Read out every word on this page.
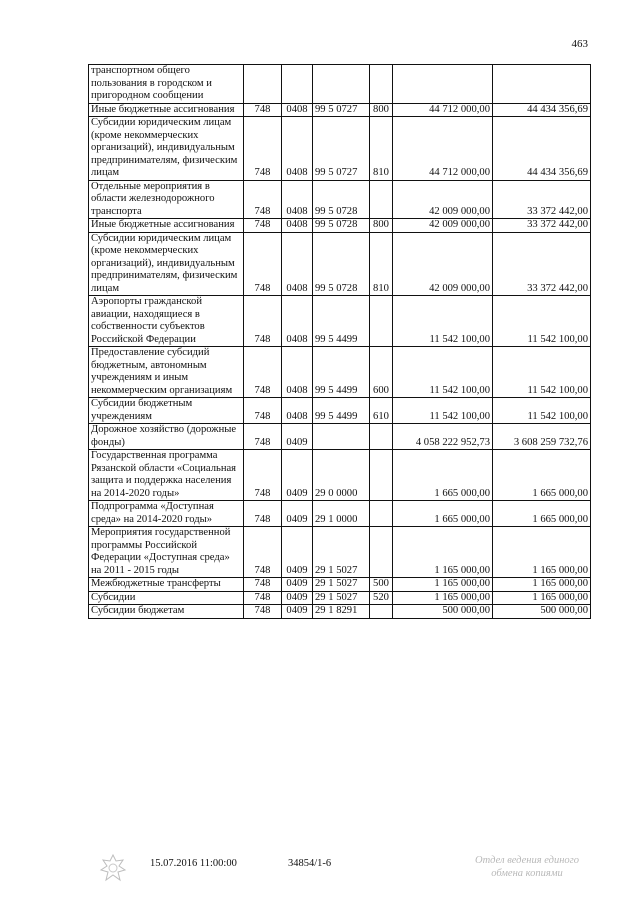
463
транспортном общего пользования в городском и пригородном сообщении						
Иные бюджетные ассигнования	748	0408	99 5 0727	800	44 712 000,00	44 434 356,69
Субсидии юридическим лицам (кроме некоммерческих организаций), индивидуальным предпринимателям, физическим лицам	748	0408	99 5 0727	810	44 712 000,00	44 434 356,69
Отдельные мероприятия в области железнодорожного транспорта	748	0408	99 5 0728		42 009 000,00	33 372 442,00
Иные бюджетные ассигнования	748	0408	99 5 0728	800	42 009 000,00	33 372 442,00
Субсидии юридическим лицам (кроме некоммерческих организаций), индивидуальным предпринимателям, физическим лицам	748	0408	99 5 0728	810	42 009 000,00	33 372 442,00
Аэропорты гражданской авиации, находящиеся в собственности субъектов Российской Федерации	748	0408	99 5 4499		11 542 100,00	11 542 100,00
Предоставление субсидий бюджетным, автономным учреждениям и иным некоммерческим организациям	748	0408	99 5 4499	600	11 542 100,00	11 542 100,00
Субсидии бюджетным учреждениям	748	0408	99 5 4499	610	11 542 100,00	11 542 100,00
Дорожное хозяйство (дорожные фонды)	748	0409			4 058 222 952,73	3 608 259 732,76
Государственная программа Рязанской области «Социальная защита и поддержка населения на 2014-2020 годы»	748	0409	29 0 0000		1 665 000,00	1 665 000,00
Подпрограмма «Доступная среда» на 2014-2020 годы»	748	0409	29 1 0000		1 665 000,00	1 665 000,00
Мероприятия государственной программы Российской Федерации «Доступная среда» на 2011 - 2015 годы	748	0409	29 1 5027		1 165 000,00	1 165 000,00
Межбюджетные трансферты	748	0409	29 1 5027	500	1 165 000,00	1 165 000,00
Субсидии	748	0409	29 1 5027	520	1 165 000,00	1 165 000,00
Субсидии бюджетам	748	0409	29 1 8291		500 000,00	500 000,00
15.07.2016 11:00:00	34854/1-6	Отдел ведения единого
обмена копиями
